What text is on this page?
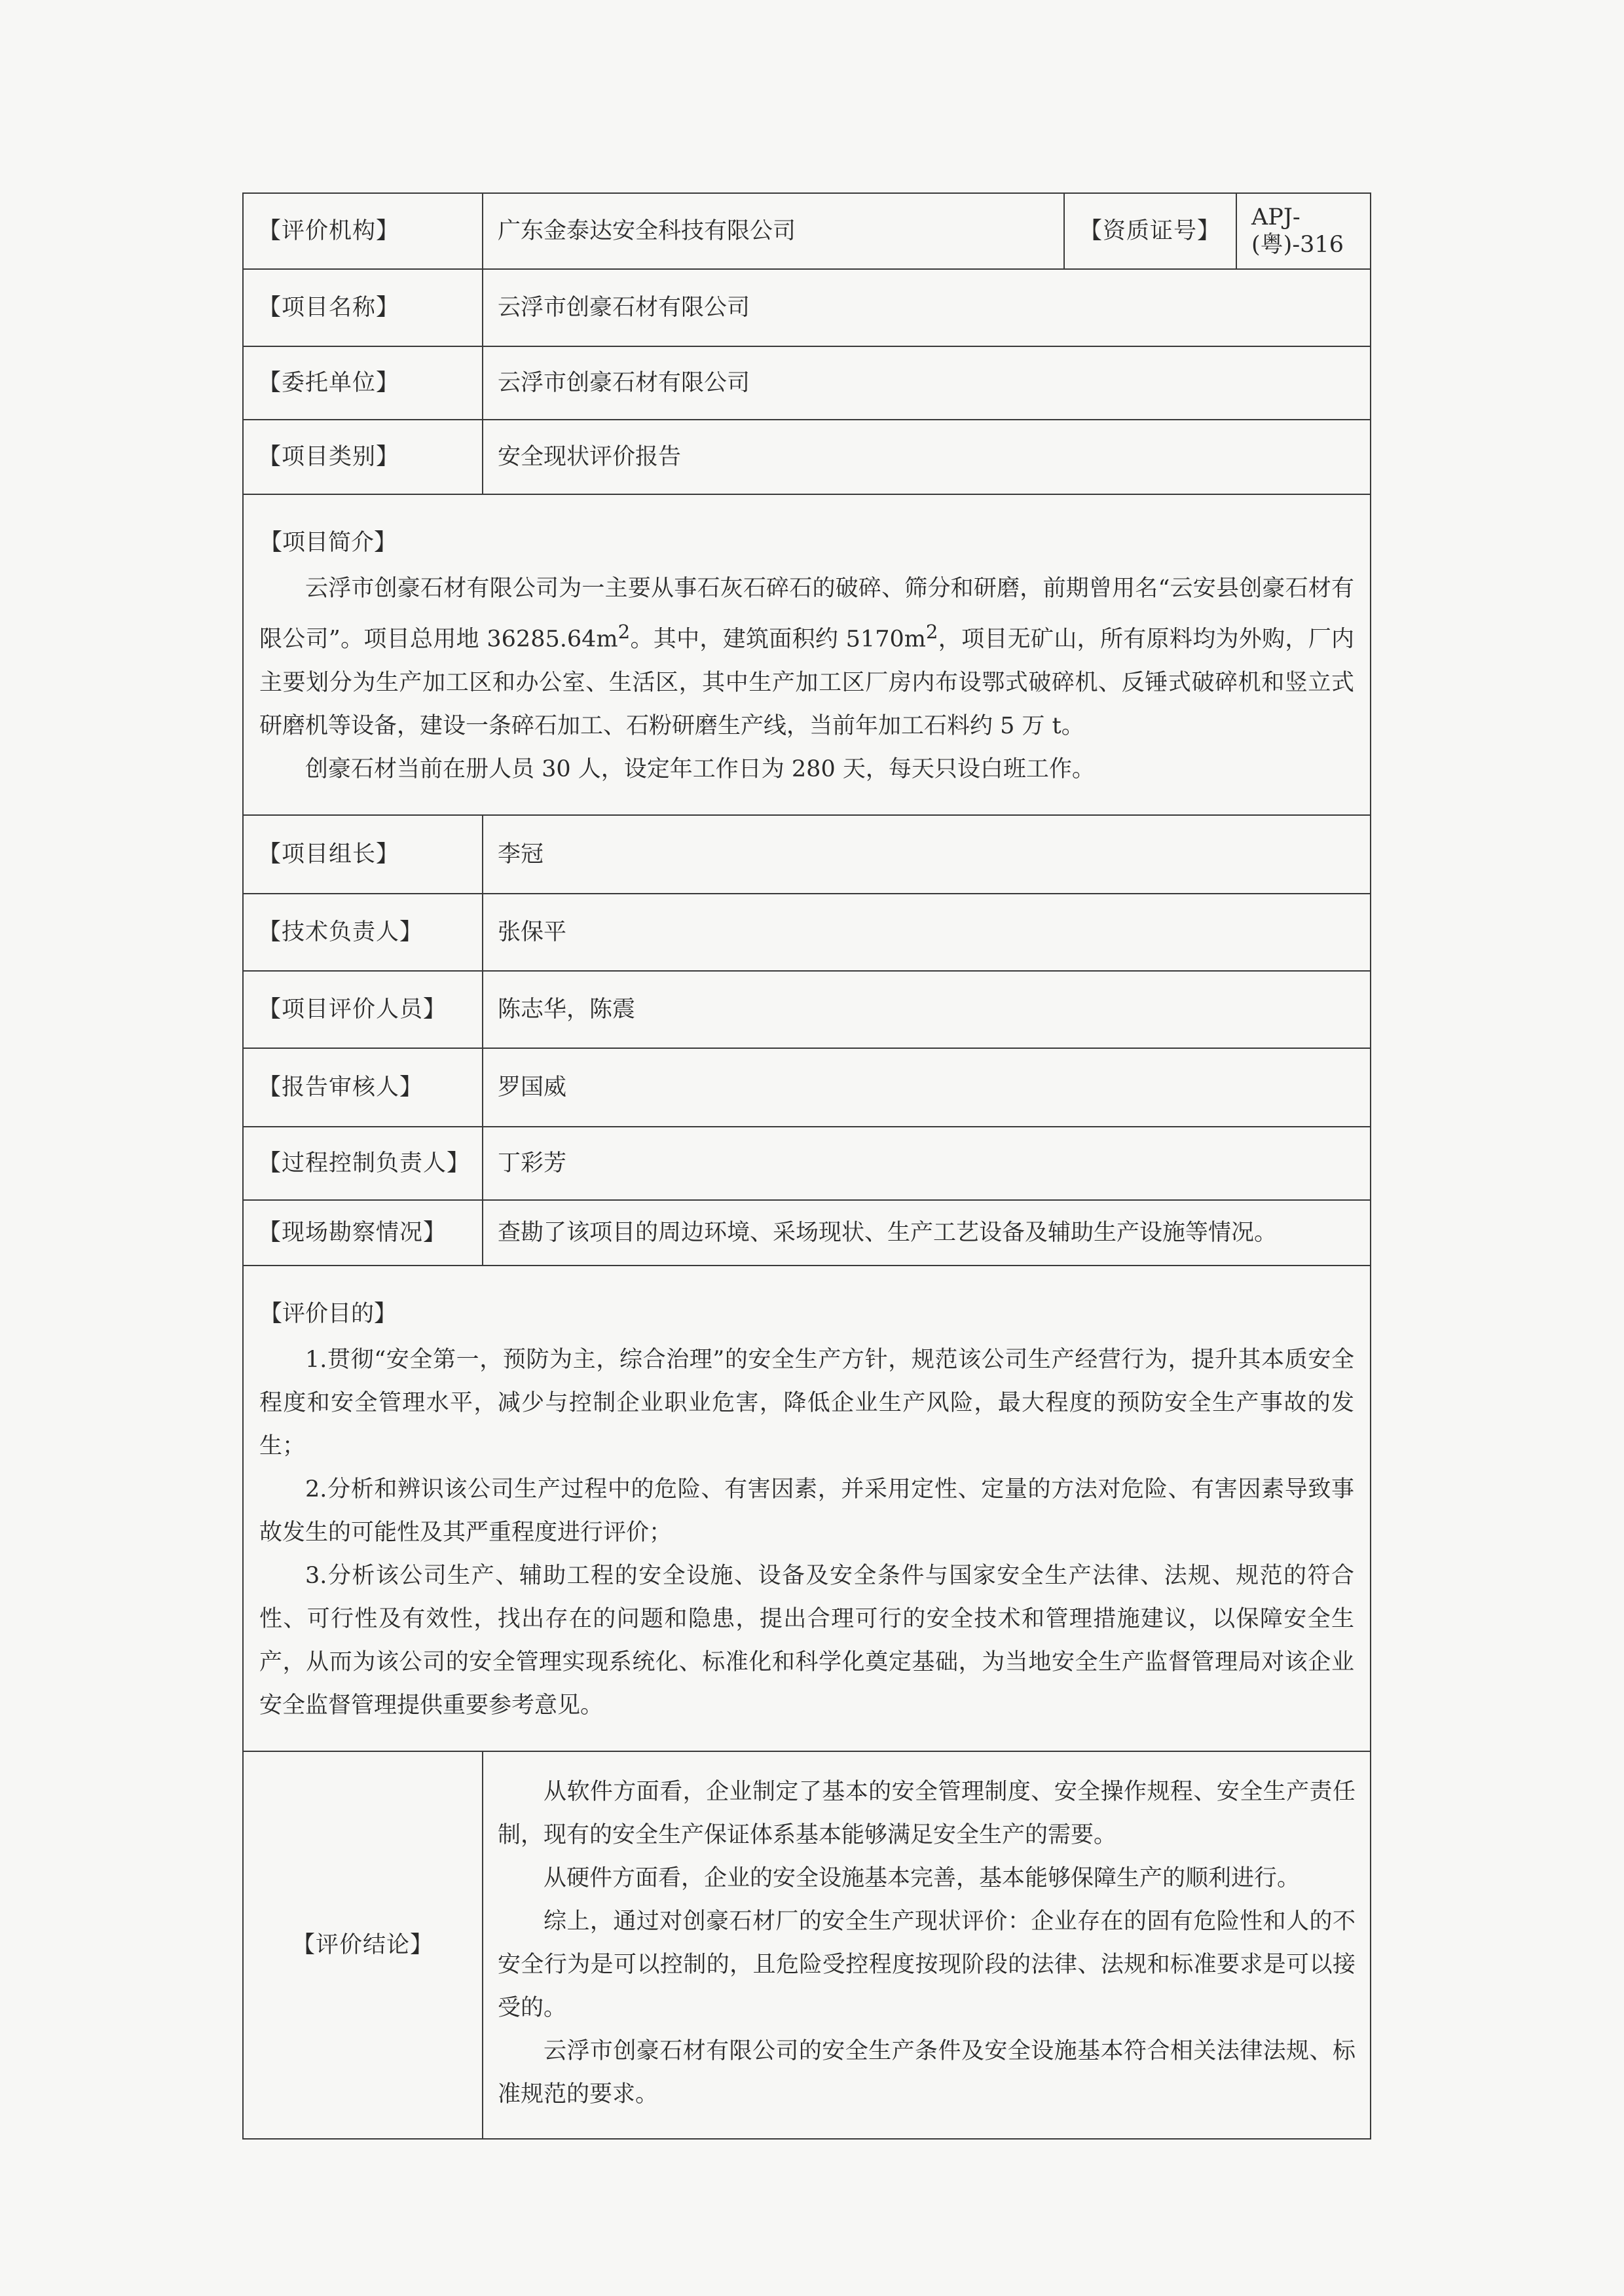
【评价机构】	广东金泰达安全科技有限公司	【资质证号】	APJ-(粤)-316
【项目名称】	云浮市创豪石材有限公司		
【委托单位】	云浮市创豪石材有限公司		
【项目类别】	安全现状评价报告		

【项目简介】

云浮市创豪石材有限公司为一主要从事石灰石碎石的破碎、筛分和研磨，前期曾用名“云安县创豪石材有限公司”。项目总用地 $36285.64m^2$。其中，建筑面积约 $5170m^2$，项目无矿山，所有原料均为外购，厂内主要划分为生产加工区和办公室、生活区，其中生产加工区厂房内布设鄂式破碎机、反锤式破碎机和竖立式研磨机等设备，建设一条碎石加工、石粉研磨生产线，当前年加工石料约 5 万 t。

创豪石材当前在册人员 30 人，设定年工作日为 280 天，每天只设白班工作。			

【项目组长】	李冠		
【技术负责人】	张保平		
【项目评价人员】	陈志华，陈震		
【报告审核人】	罗国威		
【过程控制负责人】	丁彩芳		
【现场勘察情况】	查勘了该项目的周边环境、采场现状、生产工艺设备及辅助生产设施等情况。		

【评价目的】

1.贯彻“安全第一，预防为主，综合治理”的安全生产方针，规范该公司生产经营行为，提升其本质安全程度和安全管理水平，减少与控制企业职业危害，降低企业生产风险，最大程度的预防安全生产事故的发生；

2.分析和辨识该公司生产过程中的危险、有害因素，并采用定性、定量的方法对危险、有害因素导致事故发生的可能性及其严重程度进行评价；

3.分析该公司生产、辅助工程的安全设施、设备及安全条件与国家安全生产法律、法规、规范的符合性、可行性及有效性，找出存在的问题和隐患，提出合理可行的安全技术和管理措施建议，以保障安全生产，从而为该公司的安全管理实现系统化、标准化和科学化奠定基础，为当地安全生产监督管理局对该企业安全监督管理提供重要参考意见。			

【评价结论】	从软件方面看，企业制定了基本的安全管理制度、安全操作规程、安全生产责任制，现有的安全生产保证体系基本能够满足安全生产的需要。

从硬件方面看，企业的安全设施基本完善，基本能够保障生产的顺利进行。

综上，通过对创豪石材厂的安全生产现状评价：企业存在的固有危险性和人的不安全行为是可以控制的，且危险受控程度按现阶段的法律、法规和标准要求是可以接受的。

云浮市创豪石材有限公司的安全生产条件及安全设施基本符合相关法律法规、标准规范的要求。		
